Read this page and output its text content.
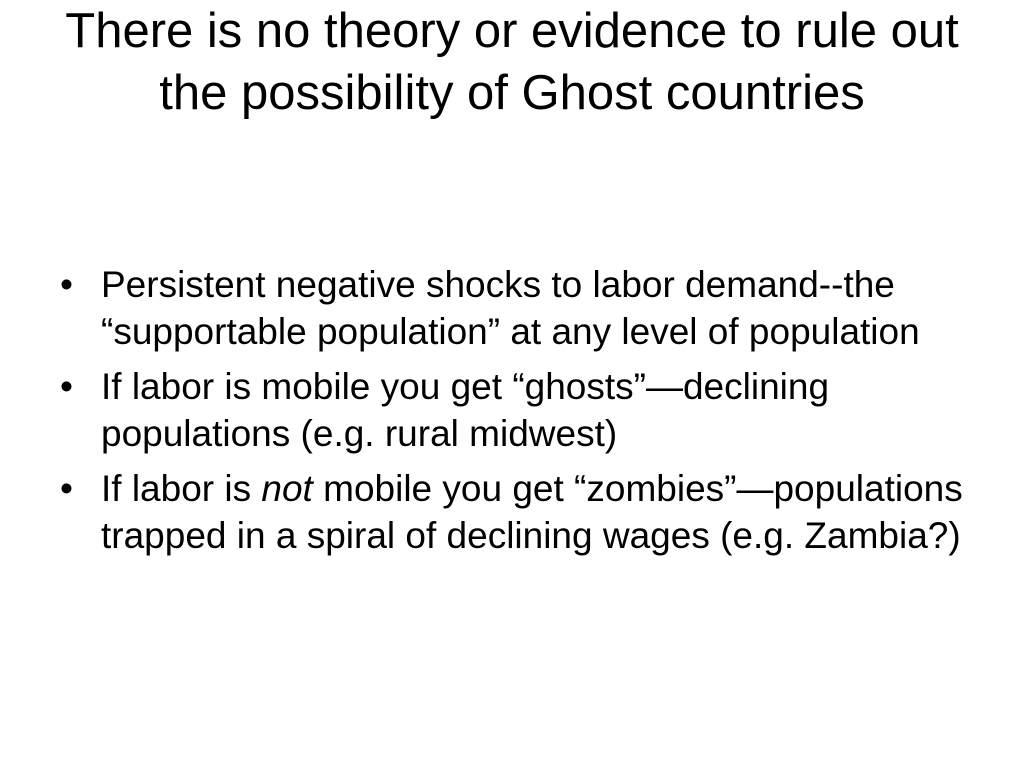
There is no theory or evidence to rule out the possibility of Ghost countries
• Persistent negative shocks to labor demand--the “supportable population” at any level of population
• If labor is mobile you get “ghosts”—declining populations (e.g. rural midwest)
• If labor is not mobile you get “zombies”—populations trapped in a spiral of declining wages (e.g. Zambia?)
